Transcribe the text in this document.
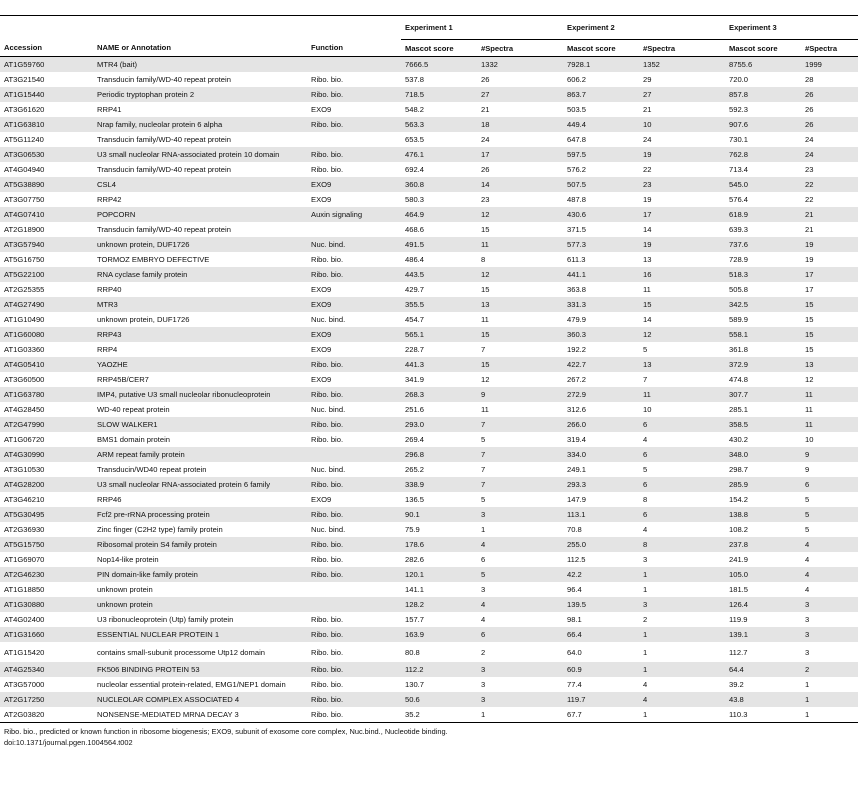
			Experiment 1		Experiment 2		Experiment 3	
Accession	NAME or Annotation	Function	Mascot score	#Spectra	Mascot score	#Spectra	Mascot score	#Spectra
AT1G59760	MTR4 (bait)		7666.5	1332	7928.1	1352	8755.6	1999
AT3G21540	Transducin family/WD-40 repeat protein	Ribo. bio.	537.8	26	606.2	29	720.0	28
AT1G15440	Periodic tryptophan protein 2	Ribo. bio.	718.5	27	863.7	27	857.8	26
AT3G61620	RRP41	EXO9	548.2	21	503.5	21	592.3	26
AT1G63810	Nrap family, nucleolar protein 6 alpha	Ribo. bio.	563.3	18	449.4	10	907.6	26
AT5G11240	Transducin family/WD-40 repeat protein		653.5	24	647.8	24	730.1	24
AT3G06530	U3 small nucleolar RNA-associated protein 10 domain	Ribo. bio.	476.1	17	597.5	19	762.8	24
AT4G04940	Transducin family/WD-40 repeat protein	Ribo. bio.	692.4	26	576.2	22	713.4	23
AT5G38890	CSL4	EXO9	360.8	14	507.5	23	545.0	22
AT3G07750	RRP42	EXO9	580.3	23	487.8	19	576.4	22
AT4G07410	POPCORN	Auxin signaling	464.9	12	430.6	17	618.9	21
AT2G18900	Transducin family/WD-40 repeat protein		468.6	15	371.5	14	639.3	21
AT3G57940	unknown protein, DUF1726	Nuc. bind.	491.5	11	577.3	19	737.6	19
AT5G16750	TORMOZ EMBRYO DEFECTIVE	Ribo. bio.	486.4	8	611.3	13	728.9	19
AT5G22100	RNA cyclase family protein	Ribo. bio.	443.5	12	441.1	16	518.3	17
AT2G25355	RRP40	EXO9	429.7	15	363.8	11	505.8	17
AT4G27490	MTR3	EXO9	355.5	13	331.3	15	342.5	15
AT1G10490	unknown protein, DUF1726	Nuc. bind.	454.7	11	479.9	14	589.9	15
AT1G60080	RRP43	EXO9	565.1	15	360.3	12	558.1	15
AT1G03360	RRP4	EXO9	228.7	7	192.2	5	361.8	15
AT4G05410	YAOZHE	Ribo. bio.	441.3	15	422.7	13	372.9	13
AT3G60500	RRP45B/CER7	EXO9	341.9	12	267.2	7	474.8	12
AT1G63780	IMP4, putative U3 small nucleolar ribonucleoprotein	Ribo. bio.	268.3	9	272.9	11	307.7	11
AT4G28450	WD-40 repeat protein	Nuc. bind.	251.6	11	312.6	10	285.1	11
AT2G47990	SLOW WALKER1	Ribo. bio.	293.0	7	266.0	6	358.5	11
AT1G06720	BMS1 domain protein	Ribo. bio.	269.4	5	319.4	4	430.2	10
AT4G30990	ARM repeat family protein		296.8	7	334.0	6	348.0	9
AT3G10530	Transducin/WD40 repeat protein	Nuc. bind.	265.2	7	249.1	5	298.7	9
AT4G28200	U3 small nucleolar RNA-associated protein 6 family	Ribo. bio.	338.9	7	293.3	6	285.9	6
AT3G46210	RRP46	EXO9	136.5	5	147.9	8	154.2	5
AT5G30495	Fcf2 pre-rRNA processing protein	Ribo. bio.	90.1	3	113.1	6	138.8	5
AT2G36930	Zinc finger (C2H2 type) family protein	Nuc. bind.	75.9	1	70.8	4	108.2	5
AT5G15750	Ribosomal protein S4 family protein	Ribo. bio.	178.6	4	255.0	8	237.8	4
AT1G69070	Nop14-like protein	Ribo. bio.	282.6	6	112.5	3	241.9	4
AT2G46230	PIN domain-like family protein	Ribo. bio.	120.1	5	42.2	1	105.0	4
AT1G18850	unknown protein		141.1	3	96.4	1	181.5	4
AT1G30880	unknown protein		128.2	4	139.5	3	126.4	3
AT4G02400	U3 ribonucleoprotein (Utp) family protein	Ribo. bio.	157.7	4	98.1	2	119.9	3
AT1G31660	ESSENTIAL NUCLEAR PROTEIN 1	Ribo. bio.	163.9	6	66.4	1	139.1	3
AT1G15420	contains small-subunit processome Utp12 domain	Ribo. bio.	80.8	2	64.0	1	112.7	3
AT4G25340	FK506 BINDING PROTEIN 53	Ribo. bio.	112.2	3	60.9	1	64.4	2
AT3G57000	nucleolar essential protein-related, EMG1/NEP1 domain	Ribo. bio.	130.7	3	77.4	4	39.2	1
AT2G17250	NUCLEOLAR COMPLEX ASSOCIATED 4	Ribo. bio.	50.6	3	119.7	4	43.8	1
AT2G03820	NONSENSE-MEDIATED MRNA DECAY 3	Ribo. bio.	35.2	1	67.7	1	110.3	1
Ribo. bio., predicted or known function in ribosome biogenesis; EXO9, subunit of exosome core complex, Nuc.bind., Nucleotide binding.
doi:10.1371/journal.pgen.1004564.t002
